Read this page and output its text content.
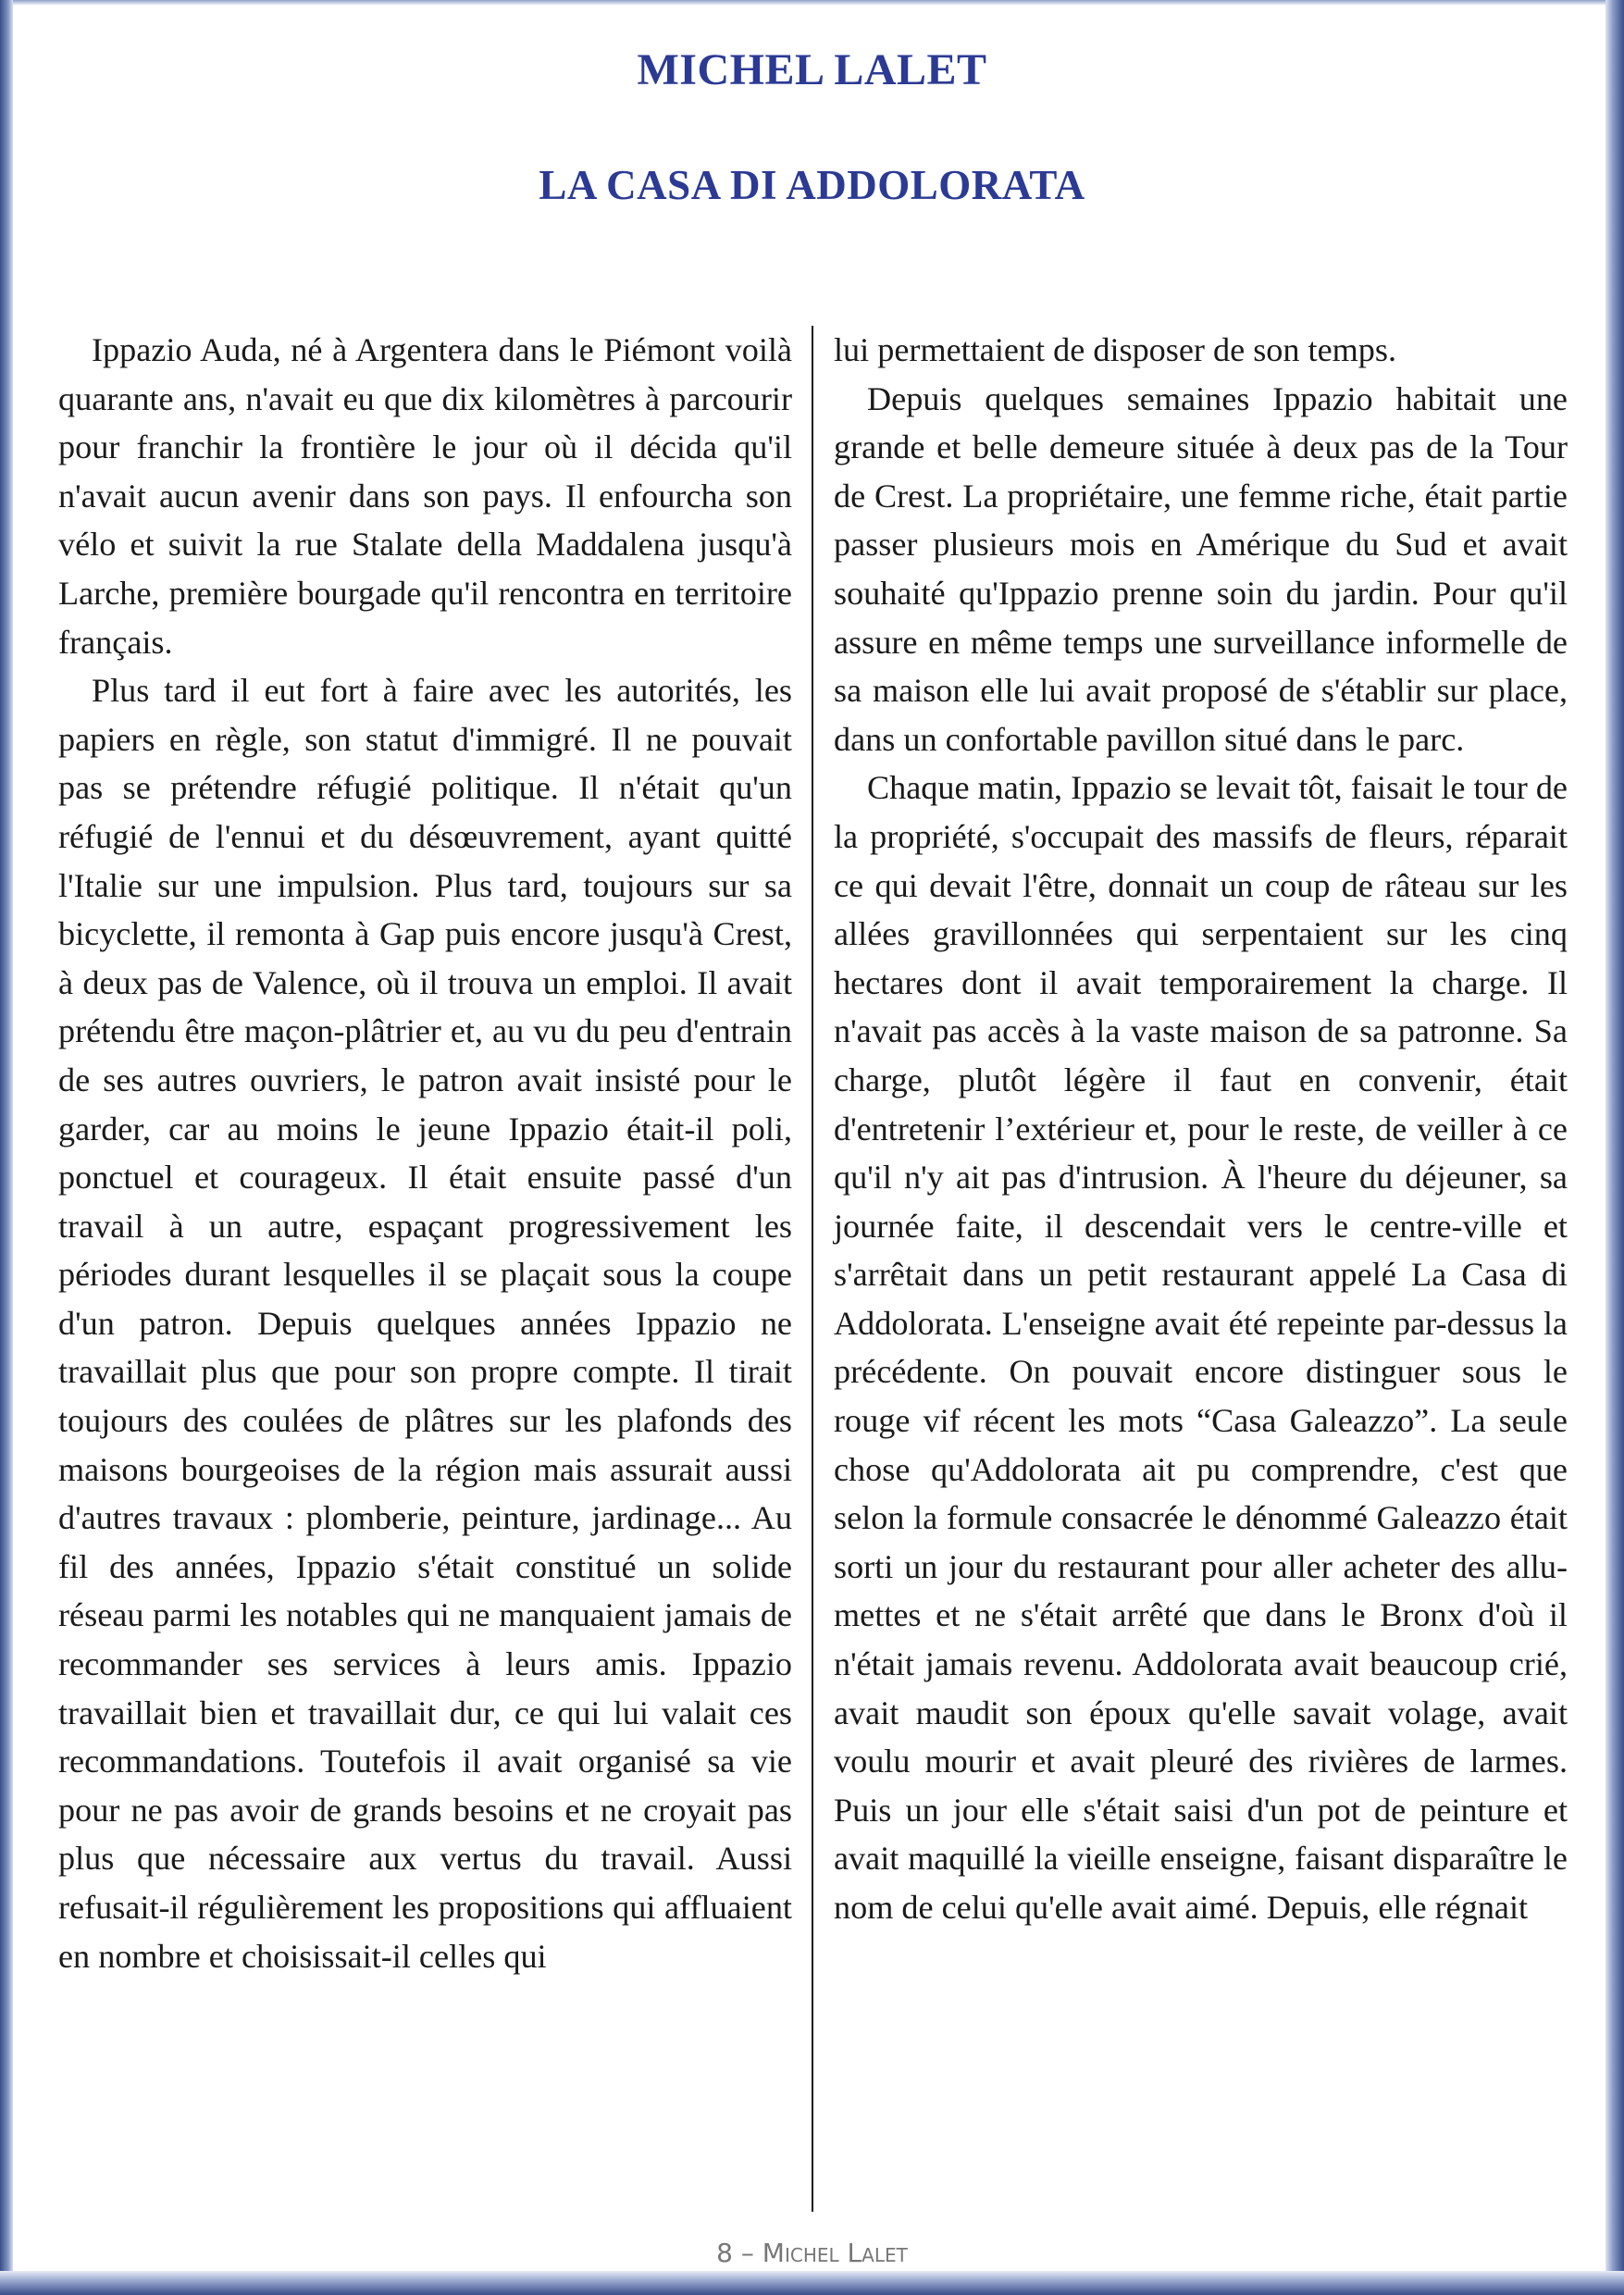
MICHEL LALET
LA CASA DI ADDOLORATA

Ippazio Auda, né à Argentera dans le Piémont voilà quarante ans, n'avait eu que dix kilomètres à parcourir pour franchir la frontière le jour où il décida qu'il n'avait aucun avenir dans son pays. Il enfourcha son vélo et suivit la rue Stalate della Maddalena jusqu'à Larche, première bourgade qu'il rencontra en territoire français.

Plus tard il eut fort à faire avec les autorités, les papiers en règle, son statut d'immigré. Il ne pouvait pas se prétendre réfugié politique. Il n'était qu'un réfugié de l'ennui et du désœuvrement, ayant quitté l'Italie sur une impulsion. Plus tard, toujours sur sa bicyclette, il remonta à Gap puis encore jusqu'à Crest, à deux pas de Valence, où il trouva un emploi. Il avait prétendu être maçon-plâtrier et, au vu du peu d'entrain de ses autres ouvriers, le patron avait insisté pour le garder, car au moins le jeune Ippazio était-il poli, ponctuel et courageux. Il était ensuite passé d'un travail à un autre, espaçant progressivement les périodes durant lesquelles il se plaçait sous la coupe d'un patron. Depuis quelques années Ippazio ne travaillait plus que pour son propre compte. Il tirait toujours des coulées de plâtres sur les plafonds des maisons bourgeoises de la région mais assurait aussi d'autres travaux : plomberie, peinture, jardinage... Au fil des années, Ippazio s'était constitué un solide réseau parmi les notables qui ne manquaient jamais de recommander ses services à leurs amis. Ippazio travaillait bien et travaillait dur, ce qui lui valait ces recommandations. Toutefois il avait organisé sa vie pour ne pas avoir de grands besoins et ne croyait pas plus que nécessaire aux vertus du travail. Aussi refusait-il régulièrement les propositions qui affluaient en nombre et choisissait-il celles qui

lui permettaient de disposer de son temps.

Depuis quelques semaines Ippazio habitait une grande et belle demeure située à deux pas de la Tour de Crest. La propriétaire, une femme riche, était partie passer plusieurs mois en Amérique du Sud et avait souhaité qu'Ippazio prenne soin du jardin. Pour qu'il assure en même temps une surveillance informelle de sa maison elle lui avait proposé de s'établir sur place, dans un confortable pavillon situé dans le parc.

Chaque matin, Ippazio se levait tôt, faisait le tour de la propriété, s'occupait des massifs de fleurs, réparait ce qui devait l'être, donnait un coup de râteau sur les allées gravillonnées qui serpentaient sur les cinq hectares dont il avait temporairement la charge. Il n'avait pas accès à la vaste maison de sa patronne. Sa charge, plutôt légère il faut en convenir, était d'entretenir l’extérieur et, pour le reste, de veiller à ce qu'il n'y ait pas d'intrusion. À l'heure du déjeuner, sa journée faite, il descendait vers le centre-ville et s'arrêtait dans un petit restaurant appelé La Casa di Addolorata. L'enseigne avait été repeinte par-dessus la précédente. On pouvait encore distinguer sous le rouge vif récent les mots “Casa Galeazzo”. La seule chose qu'Addolorata ait pu comprendre, c'est que selon la formule consacrée le dénommé Galeazzo était sorti un jour du restaurant pour aller acheter des allumettes et ne s'était arrêté que dans le Bronx d'où il n'était jamais revenu. Addolorata avait beaucoup crié, avait maudit son époux qu'elle savait volage, avait voulu mourir et avait pleuré des rivières de larmes. Puis un jour elle s'était saisi d'un pot de peinture et avait maquillé la vieille enseigne, faisant disparaître le nom de celui qu'elle avait aimé. Depuis, elle régnait

8 – Michel Lalet
